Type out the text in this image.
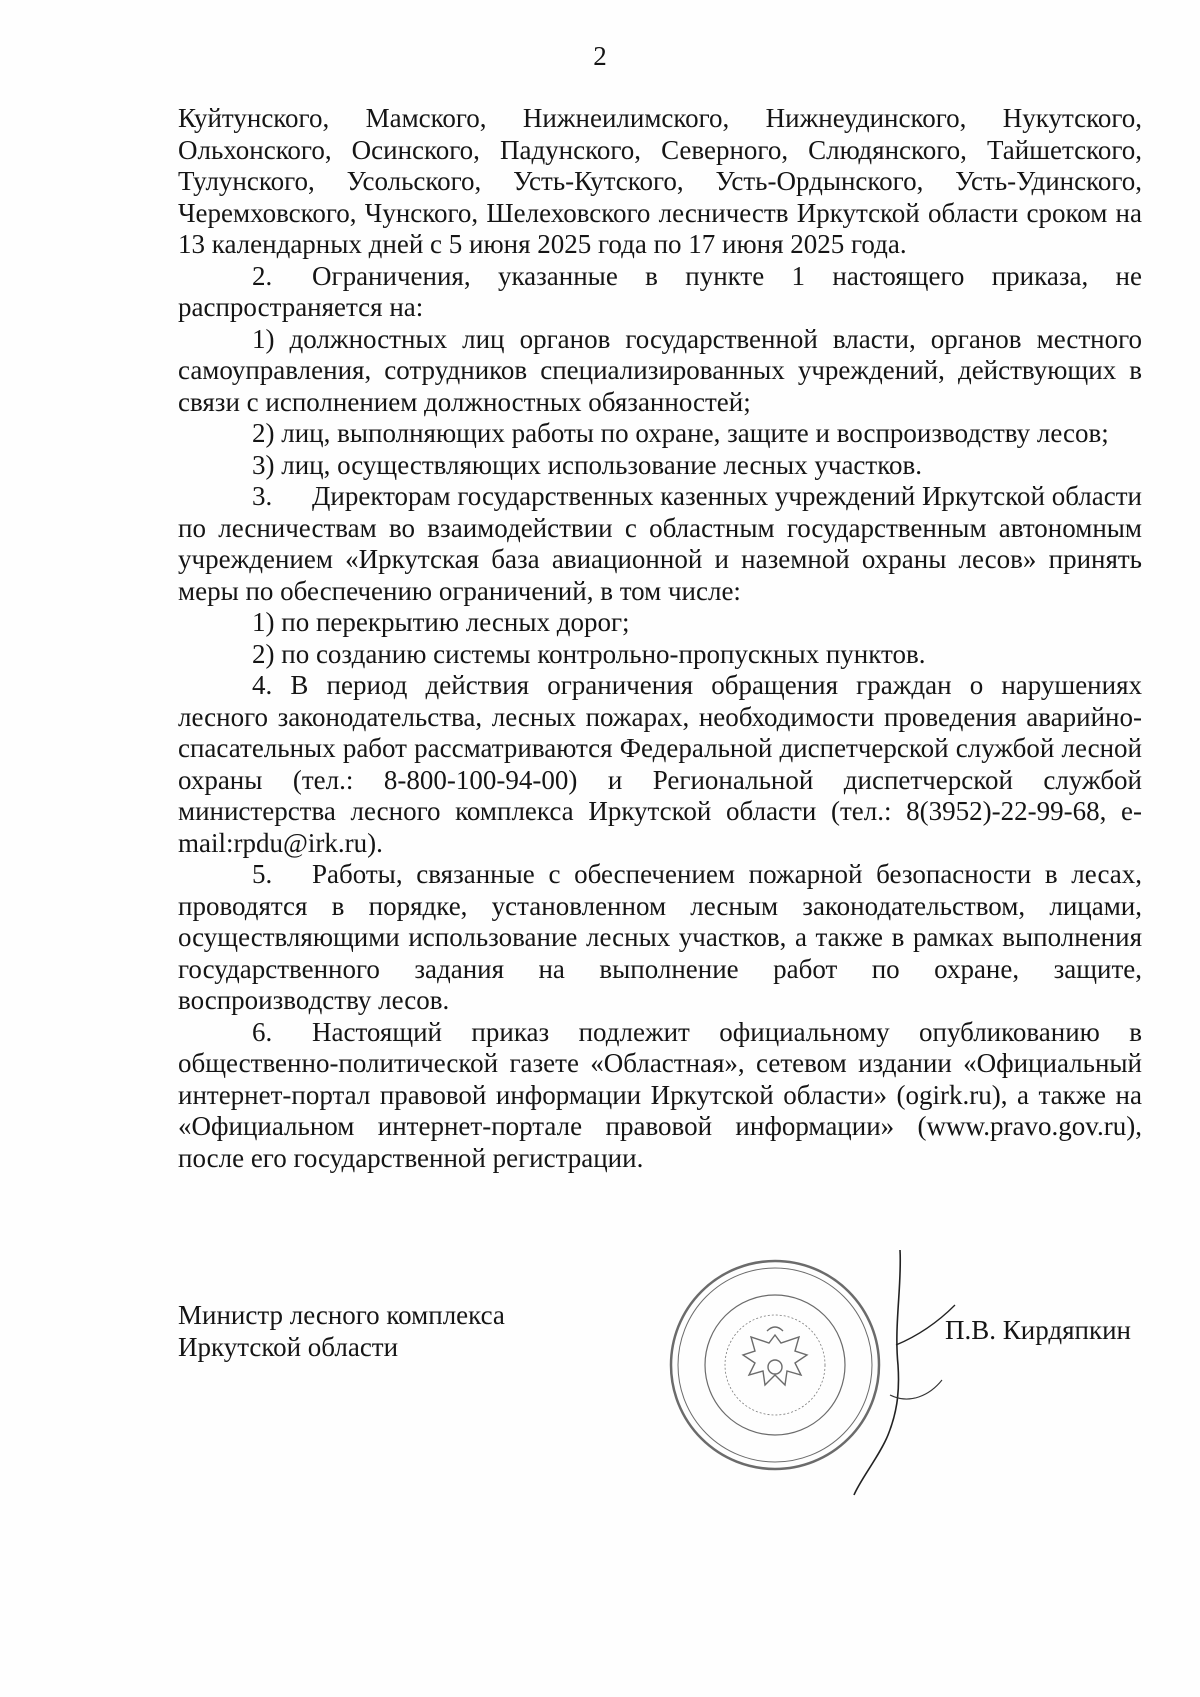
2

Куйтунского, Мамского, Нижнеилимского, Нижнеудинского, Нукутского, Ольхонского, Осинского, Падунского, Северного, Слюдянского, Тайшетского, Тулунского, Усольского, Усть-Кутского, Усть-Ордынского, Усть-Удинского, Черемховского, Чунского, Шелеховского лесничеств Иркутской области сроком на 13 календарных дней с 5 июня 2025 года по 17 июня 2025 года.

2. Ограничения, указанные в пункте 1 настоящего приказа, не распространяется на:

1) должностных лиц органов государственной власти, органов местного самоуправления, сотрудников специализированных учреждений, действующих в связи с исполнением должностных обязанностей;

2) лиц, выполняющих работы по охране, защите и воспроизводству лесов;

3) лиц, осуществляющих использование лесных участков.

3. Директорам государственных казенных учреждений Иркутской области по лесничествам во взаимодействии с областным государственным автономным учреждением «Иркутская база авиационной и наземной охраны лесов» принять меры по обеспечению ограничений, в том числе:

1) по перекрытию лесных дорог;

2) по созданию системы контрольно-пропускных пунктов.

4. В период действия ограничения обращения граждан о нарушениях лесного законодательства, лесных пожарах, необходимости проведения аварийно-спасательных работ рассматриваются Федеральной диспетчерской службой лесной охраны (тел.: 8-800-100-94-00) и Региональной диспетчерской службой министерства лесного комплекса Иркутской области (тел.: 8(3952)-22-99-68, e-mail:rpdu@irk.ru).

5. Работы, связанные с обеспечением пожарной безопасности в лесах, проводятся в порядке, установленном лесным законодательством, лицами, осуществляющими использование лесных участков, а также в рамках выполнения государственного задания на выполнение работ по охране, защите, воспроизводству лесов.

6. Настоящий приказ подлежит официальному опубликованию в общественно-политической газете «Областная», сетевом издании «Официальный интернет-портал правовой информации Иркутской области» (ogirk.ru), а также на «Официальном интернет-портале правовой информации» (www.pravo.gov.ru), после его государственной регистрации.

Министр лесного комплекса
Иркутской области
П.В. Кирдяпкин
